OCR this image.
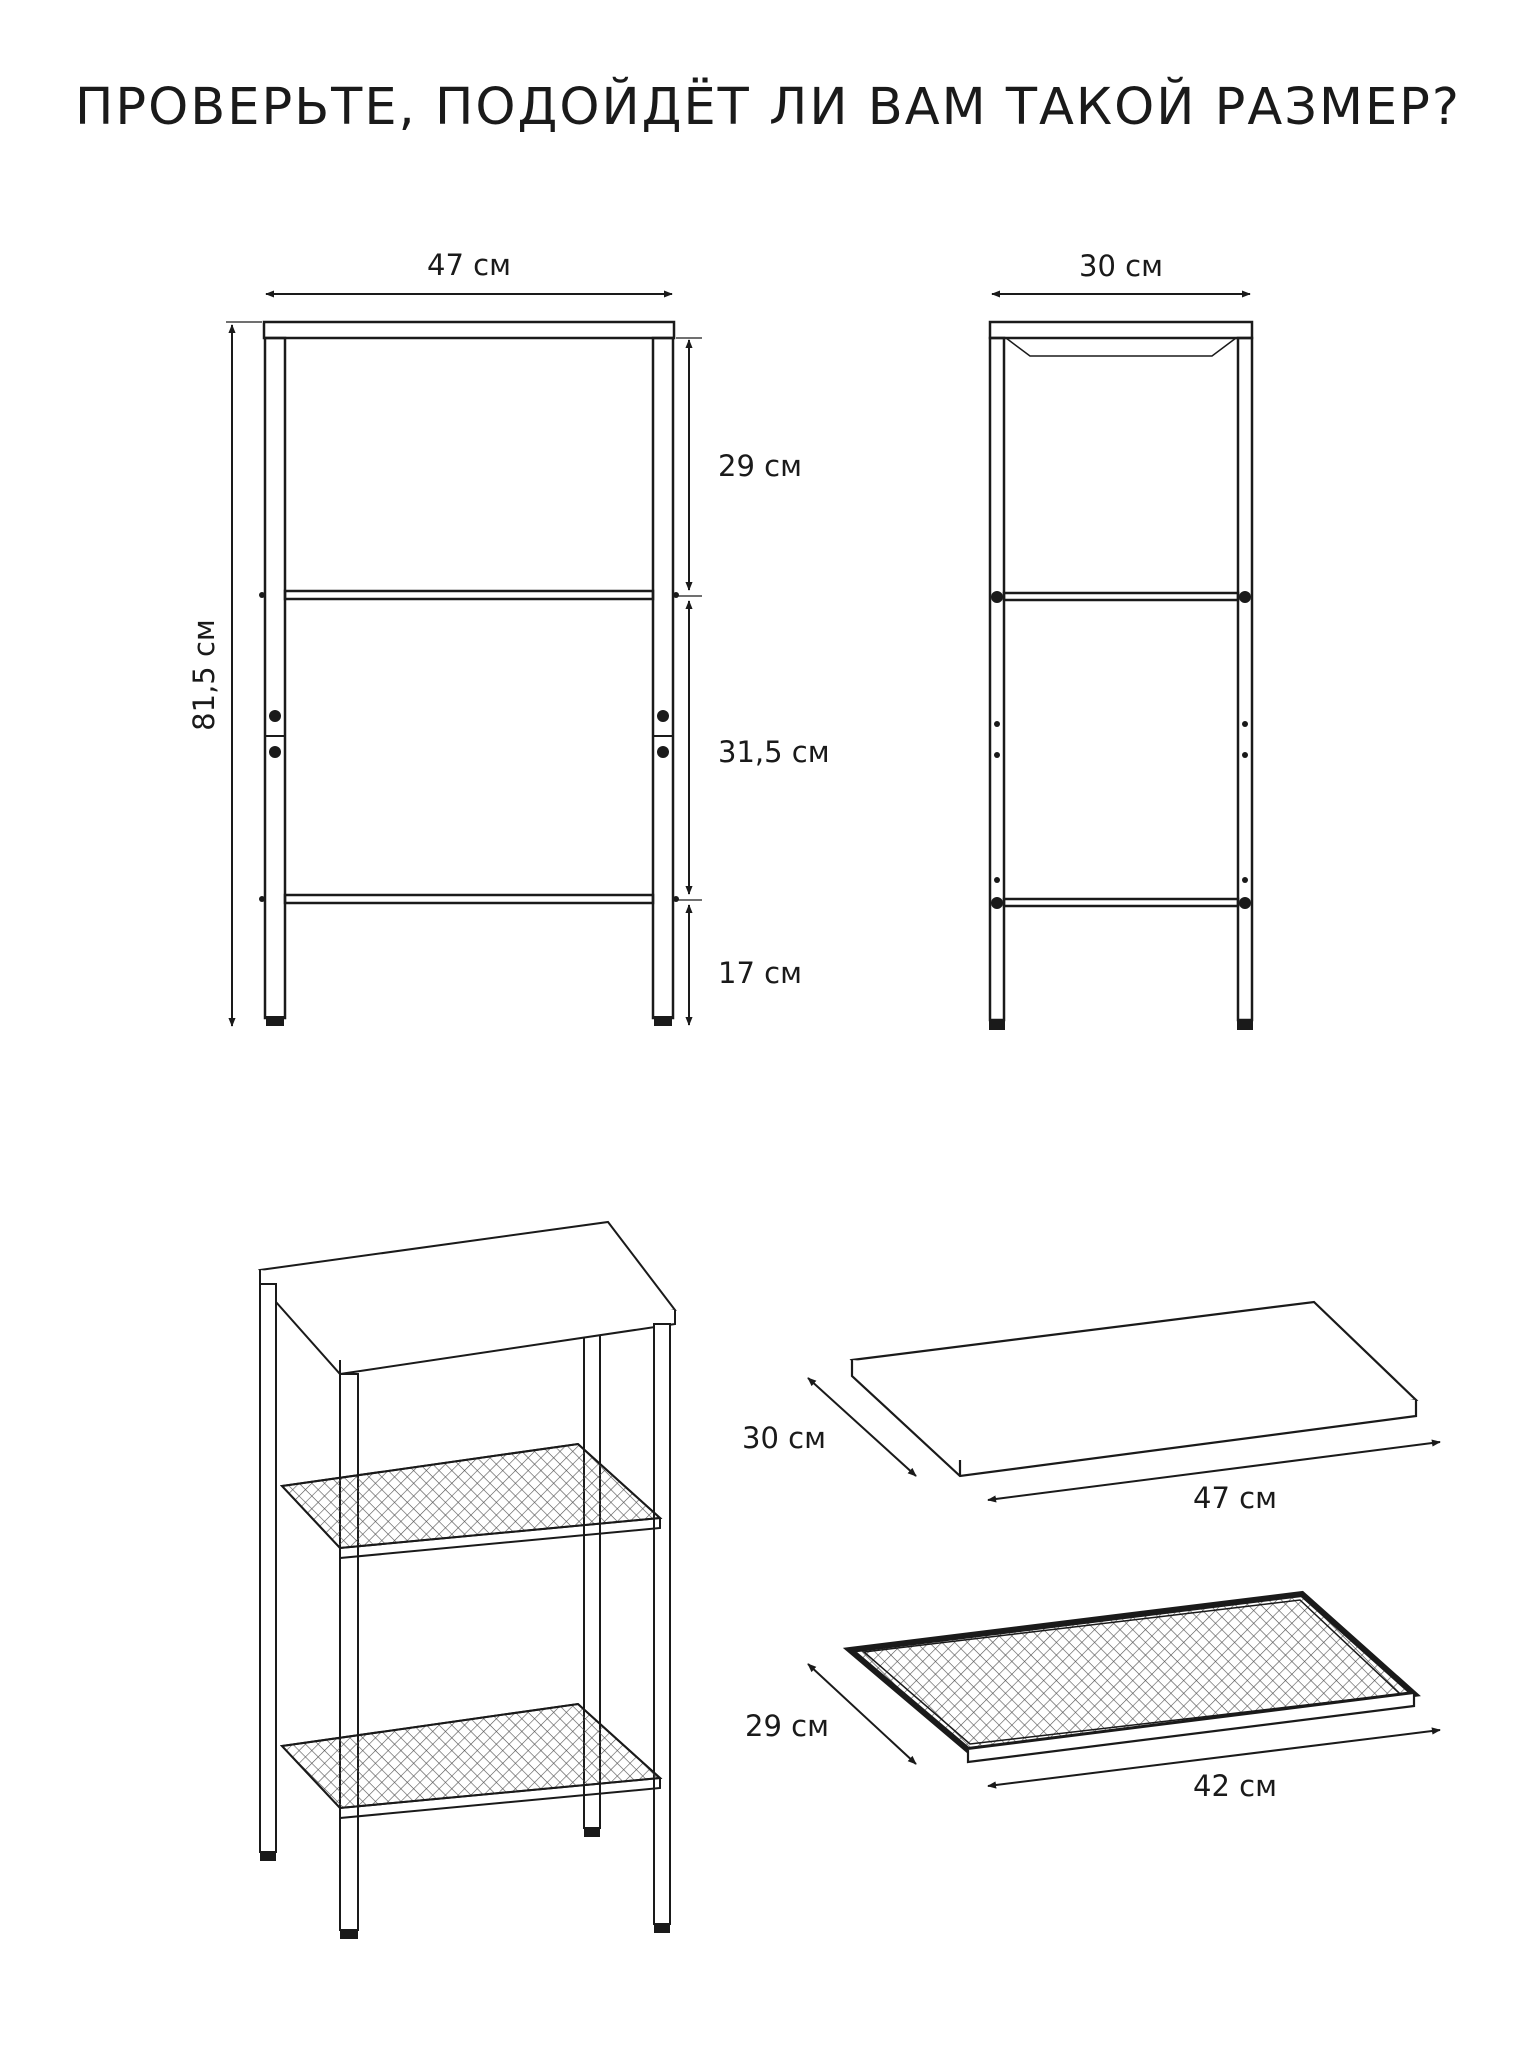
ПРОВЕРЬТЕ, ПОДОЙДЁТ ЛИ ВАМ ТАКОЙ РАЗМЕР?
47 см
81,5 см
29 см
31,5 см
17 см
30 см
30 см
47 см
29 см
42 см
